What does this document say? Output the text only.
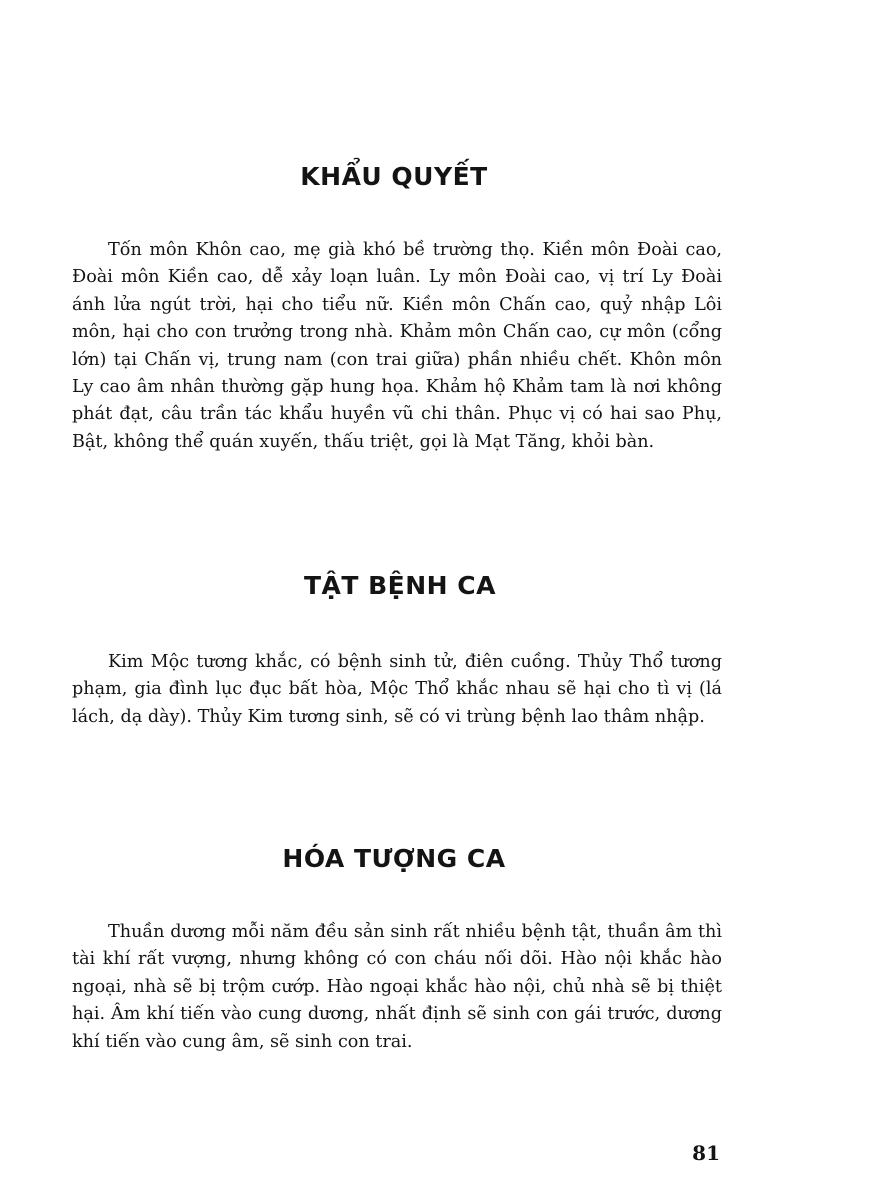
KHẨU QUYẾT

Tốn môn Khôn cao, mẹ già khó bề trường thọ. Kiền môn Đoài cao, Đoài môn Kiền cao, dễ xảy loạn luân. Ly môn Đoài cao, vị trí Ly Đoài ánh lửa ngút trời, hại cho tiểu nữ. Kiền môn Chấn cao, quỷ nhập Lôi môn, hại cho con trưởng trong nhà. Khảm môn Chấn cao, cự môn (cổng lớn) tại Chấn vị, trung nam (con trai giữa) phần nhiều chết. Khôn môn Ly cao âm nhân thường gặp hung họa. Khảm hộ Khảm tam là nơi không phát đạt, câu trần tác khẩu huyền vũ chi thân. Phục vị có hai sao Phụ, Bật, không thể quán xuyến, thấu triệt, gọi là Mạt Tăng, khỏi bàn.

TẬT BỆNH CA

Kim Mộc tương khắc, có bệnh sinh tử, điên cuồng. Thủy Thổ tương phạm, gia đình lục đục bất hòa, Mộc Thổ khắc nhau sẽ hại cho tì vị (lá lách, dạ dày). Thủy Kim tương sinh, sẽ có vi trùng bệnh lao thâm nhập.

HÓA TƯỢNG CA

Thuần dương mỗi năm đều sản sinh rất nhiều bệnh tật, thuần âm thì tài khí rất vượng, nhưng không có con cháu nối dõi. Hào nội khắc hào ngoại, nhà sẽ bị trộm cướp. Hào ngoại khắc hào nội, chủ nhà sẽ bị thiệt hại. Âm khí tiến vào cung dương, nhất định sẽ sinh con gái trước, dương khí tiến vào cung âm, sẽ sinh con trai.

81
